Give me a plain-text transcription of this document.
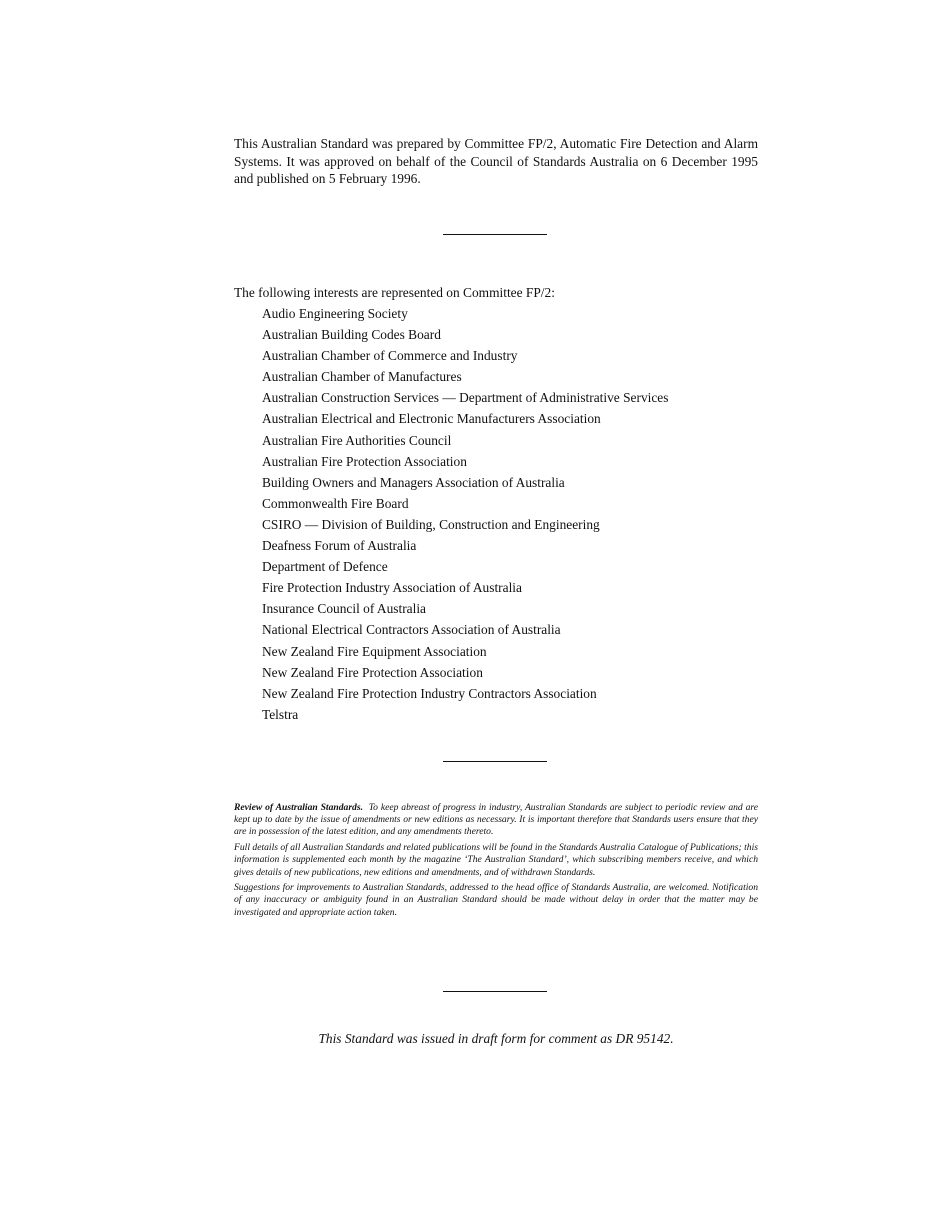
This Australian Standard was prepared by Committee FP/2, Automatic Fire Detection and Alarm Systems. It was approved on behalf of the Council of Standards Australia on 6 December 1995 and published on 5 February 1996.

The following interests are represented on Committee FP/2:

Audio Engineering Society
Australian Building Codes Board
Australian Chamber of Commerce and Industry
Australian Chamber of Manufactures
Australian Construction Services — Department of Administrative Services
Australian Electrical and Electronic Manufacturers Association
Australian Fire Authorities Council
Australian Fire Protection Association
Building Owners and Managers Association of Australia
Commonwealth Fire Board
CSIRO — Division of Building, Construction and Engineering
Deafness Forum of Australia
Department of Defence
Fire Protection Industry Association of Australia
Insurance Council of Australia
National Electrical Contractors Association of Australia
New Zealand Fire Equipment Association
New Zealand Fire Protection Association
New Zealand Fire Protection Industry Contractors Association
Telstra

Review of Australian Standards. To keep abreast of progress in industry, Australian Standards are subject to periodic review and are kept up to date by the issue of amendments or new editions as necessary. It is important therefore that Standards users ensure that they are in possession of the latest edition, and any amendments thereto.

Full details of all Australian Standards and related publications will be found in the Standards Australia Catalogue of Publications; this information is supplemented each month by the magazine ‘The Australian Standard’, which subscribing members receive, and which gives details of new publications, new editions and amendments, and of withdrawn Standards.

Suggestions for improvements to Australian Standards, addressed to the head office of Standards Australia, are welcomed. Notification of any inaccuracy or ambiguity found in an Australian Standard should be made without delay in order that the matter may be investigated and appropriate action taken.

This Standard was issued in draft form for comment as DR 95142.
